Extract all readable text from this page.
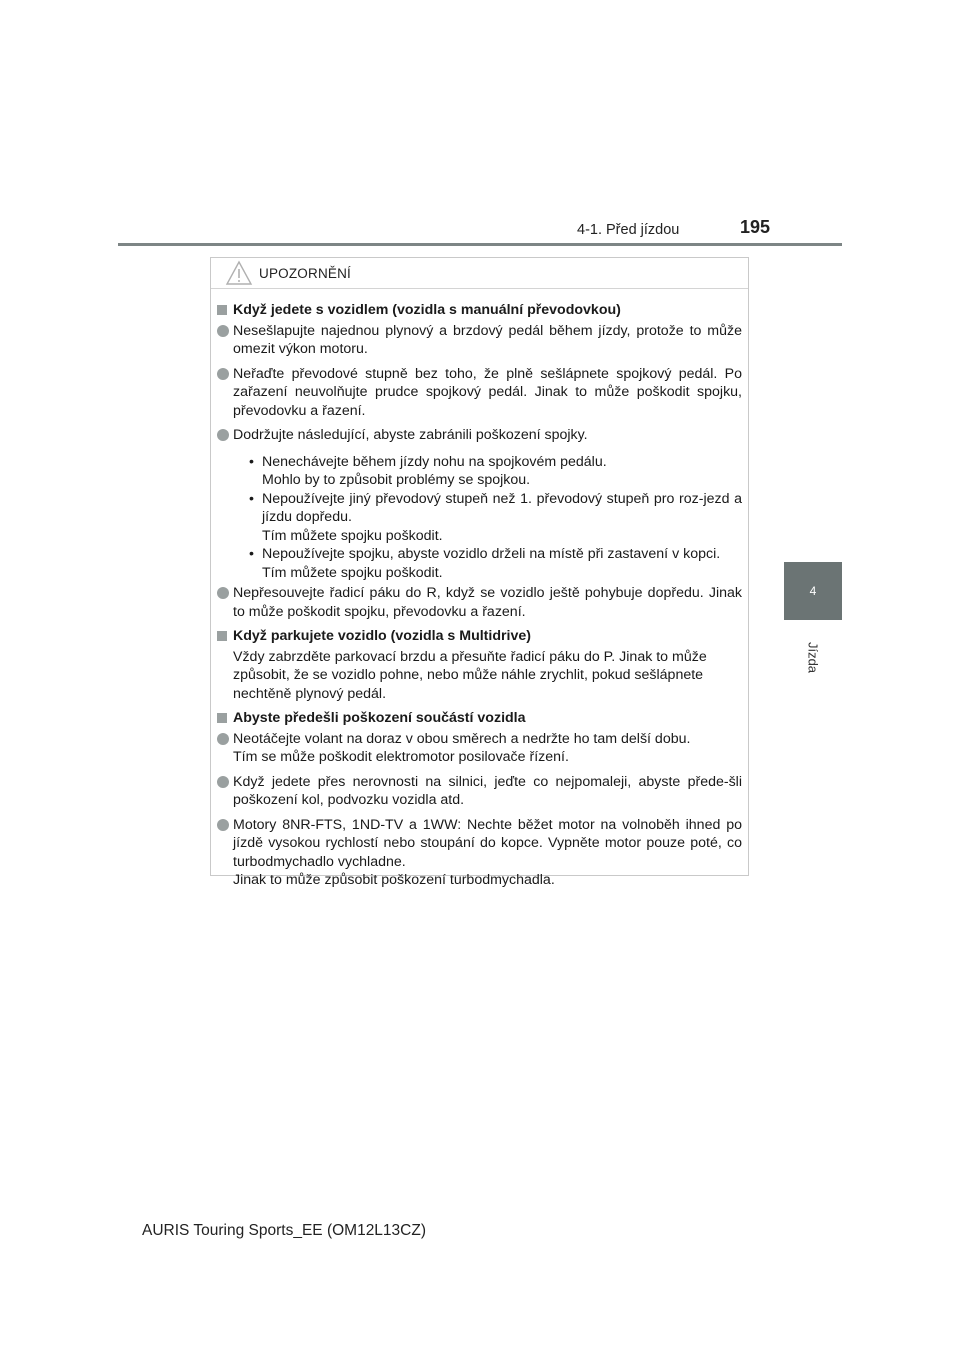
4-1. Před jízdou	195
4
Jízda
UPOZORNĚNÍ
Když jedete s vozidlem (vozidla s manuální převodovkou)
Nesešlapujte najednou plynový a brzdový pedál během jízdy, protože to může omezit výkon motoru.
Neřaďte převodové stupně bez toho, že plně sešlápnete spojkový pedál. Po zařazení neuvolňujte prudce spojkový pedál. Jinak to může poškodit spojku, převodovku a řazení.
Dodržujte následující, abyste zabránili poškození spojky.
• Nenechávejte během jízdy nohu na spojkovém pedálu.

Mohlo by to způsobit problémy se spojkou.

• Nepoužívejte jiný převodový stupeň než 1. převodový stupeň pro roz-jezd a jízdu dopředu.

Tím můžete spojku poškodit.

• Nepoužívejte spojku, abyste vozidlo drželi na místě při zastavení v kopci.

Tím můžete spojku poškodit.

Nepřesouvejte řadicí páku do R, když se vozidlo ještě pohybuje dopředu. Jinak to může poškodit spojku, převodovku a řazení.
Když parkujete vozidlo (vozidla s Multidrive)

Vždy zabrzděte parkovací brzdu a přesuňte řadicí páku do P. Jinak to může způsobit, že se vozidlo pohne, nebo může náhle zrychlit, pokud sešlápnete nechtěně plynový pedál.

Abyste předešli poškození součástí vozidla

Neotáčejte volant na doraz v obou směrech a nedržte ho tam delší dobu.

Tím se může poškodit elektromotor posilovače řízení.

Když jedete přes nerovnosti na silnici, jeďte co nejpomaleji, abyste přede-šli poškození kol, podvozku vozidla atd.

Motory 8NR-FTS, 1ND-TV a 1WW: Nechte běžet motor na volnoběh ihned po jízdě vysokou rychlostí nebo stoupání do kopce. Vypněte motor pouze poté, co turbodmychadlo vychladne.

Jinak to může způsobit poškození turbodmychadla.

AURIS Touring Sports_EE (OM12L13CZ)
